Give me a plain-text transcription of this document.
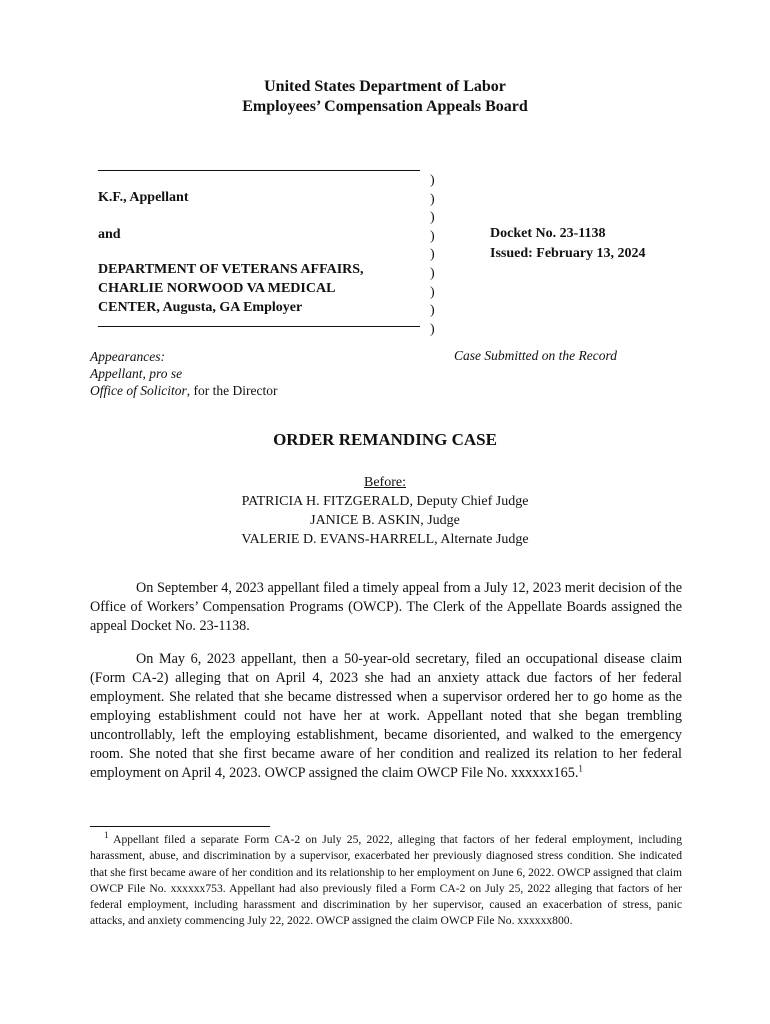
United States Department of Labor
Employees’ Compensation Appeals Board
K.F., Appellant
and
DEPARTMENT OF VETERANS AFFAIRS,
CHARLIE NORWOOD VA MEDICAL
CENTER, Augusta, GA Employer
)
)
)
)
)
)
)
)
)
Docket No. 23-1138
Issued: February 13, 2024
Appearances:
Appellant, pro se
Office of Solicitor, for the Director
Case Submitted on the Record
ORDER REMANDING CASE
Before:
PATRICIA H. FITZGERALD, Deputy Chief Judge
JANICE B. ASKIN, Judge
VALERIE D. EVANS-HARRELL, Alternate Judge
On September 4, 2023 appellant filed a timely appeal from a July 12, 2023 merit decision of the Office of Workers’ Compensation Programs (OWCP). The Clerk of the Appellate Boards assigned the appeal Docket No. 23-1138.
On May 6, 2023 appellant, then a 50-year-old secretary, filed an occupational disease claim (Form CA-2) alleging that on April 4, 2023 she had an anxiety attack due factors of her federal employment. She related that she became distressed when a supervisor ordered her to go home as the employing establishment could not have her at work. Appellant noted that she began trembling uncontrollably, left the employing establishment, became disoriented, and walked to the emergency room. She noted that she first became aware of her condition and realized its relation to her federal employment on April 4, 2023. OWCP assigned the claim OWCP File No. xxxxxx165.$^1$
$^1$ Appellant filed a separate Form CA-2 on July 25, 2022, alleging that factors of her federal employment, including harassment, abuse, and discrimination by a supervisor, exacerbated her previously diagnosed stress condition. She indicated that she first became aware of her condition and its relationship to her employment on June 6, 2022. OWCP assigned that claim OWCP File No. xxxxxx753. Appellant had also previously filed a Form CA-2 on July 25, 2022 alleging that factors of her federal employment, including harassment and discrimination by her supervisor, caused an exacerbation of stress, panic attacks, and anxiety commencing July 22, 2022. OWCP assigned the claim OWCP File No. xxxxxx800.
